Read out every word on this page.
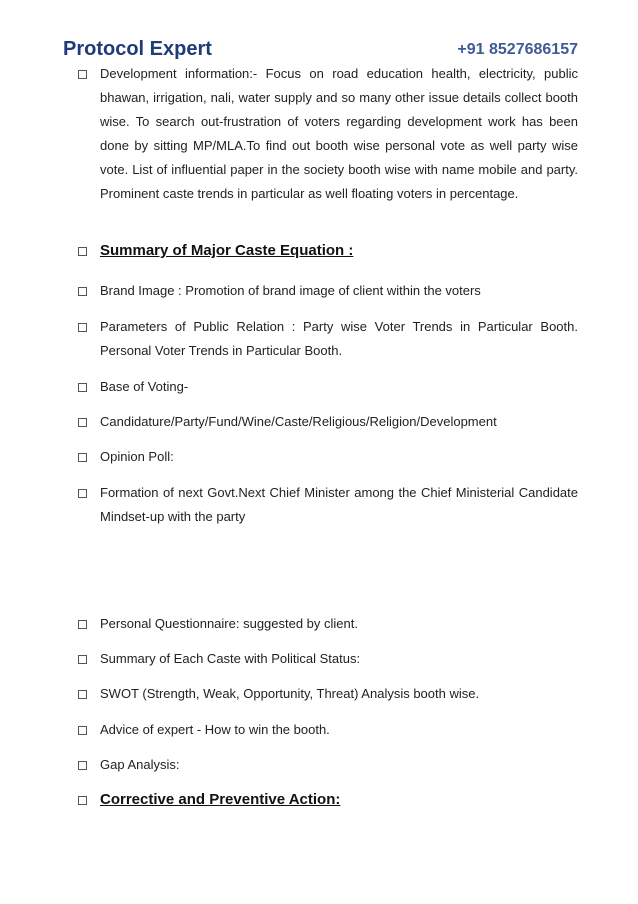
Protocol Expert	+91 8527686157
Development information:- Focus on road education health, electricity, public bhawan, irrigation, nali, water supply and so many other issue details collect booth wise. To search out-frustration of voters regarding development work has been done by sitting MP/MLA.To find out booth wise personal vote as well party wise vote. List of influential paper in the society booth wise with name mobile and party. Prominent caste trends in particular as well floating voters in percentage.
Summary of Major Caste Equation :
Brand Image : Promotion of brand image of client within the voters
Parameters of Public Relation : Party wise Voter Trends in Particular Booth. Personal Voter Trends in Particular Booth.
Base of Voting-
Candidature/Party/Fund/Wine/Caste/Religious/Religion/Development
Opinion Poll:
Formation of next Govt.Next Chief Minister among the Chief Ministerial Candidate Mindset-up with the party
Personal Questionnaire: suggested by client.
Summary of Each Caste with Political Status:
SWOT (Strength, Weak, Opportunity, Threat) Analysis booth wise.
Advice of expert - How to win the booth.
Gap Analysis:
Corrective and Preventive Action:
